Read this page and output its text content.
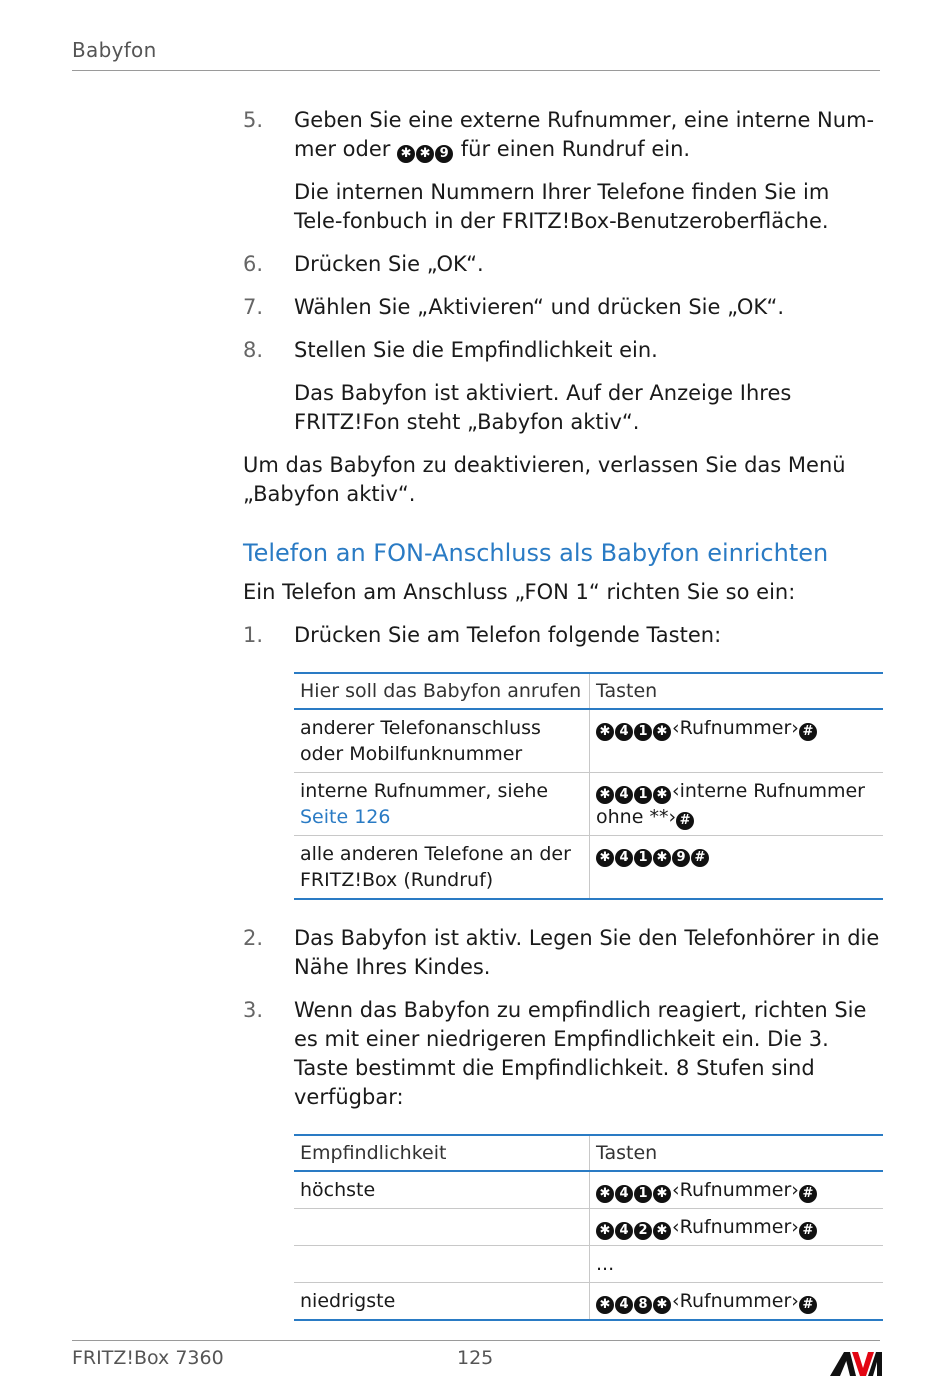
Babyfon
5. Geben Sie eine externe Rufnummer, eine interne Num-mer oder ✱ ✱ 9 für einen Rundruf ein.
Die internen Nummern Ihrer Telefone finden Sie im Tele-fonbuch in der FRITZ!Box-Benutzeroberfläche.
6. Drücken Sie „OK“.
7. Wählen Sie „Aktivieren“ und drücken Sie „OK“.
8. Stellen Sie die Empfindlichkeit ein.
Das Babyfon ist aktiviert. Auf der Anzeige Ihres FRITZ!Fon steht „Babyfon aktiv“.
Um das Babyfon zu deaktivieren, verlassen Sie das Menü „Babyfon aktiv“.
Telefon an FON-Anschluss als Babyfon einrichten
Ein Telefon am Anschluss „FON 1“ richten Sie so ein:
1. Drücken Sie am Telefon folgende Tasten:
Hier soll das Babyfon anrufen	Tasten
anderer Telefonanschluss oder Mobilfunknummer	✱ 4 1 ✱ ‹Rufnummer› #
interne Rufnummer, siehe Seite 126	✱ 4 1 ✱ ‹interne Rufnummer ohne **› #
alle anderen Telefone an der FRITZ!Box (Rundruf)	✱ 4 1 ✱ 9 #
2. Das Babyfon ist aktiv. Legen Sie den Telefonhörer in die Nähe Ihres Kindes.
3. Wenn das Babyfon zu empfindlich reagiert, richten Sie es mit einer niedrigeren Empfindlichkeit ein. Die 3. Taste bestimmt die Empfindlichkeit. 8 Stufen sind verfügbar:
Empfindlichkeit	Tasten
höchste	✱ 4 1 ✱ ‹Rufnummer› #
	✱ 4 2 ✱ ‹Rufnummer› #
	...
niedrigste	✱ 4 8 ✱ ‹Rufnummer› #
FRITZ!Box 7360	125
